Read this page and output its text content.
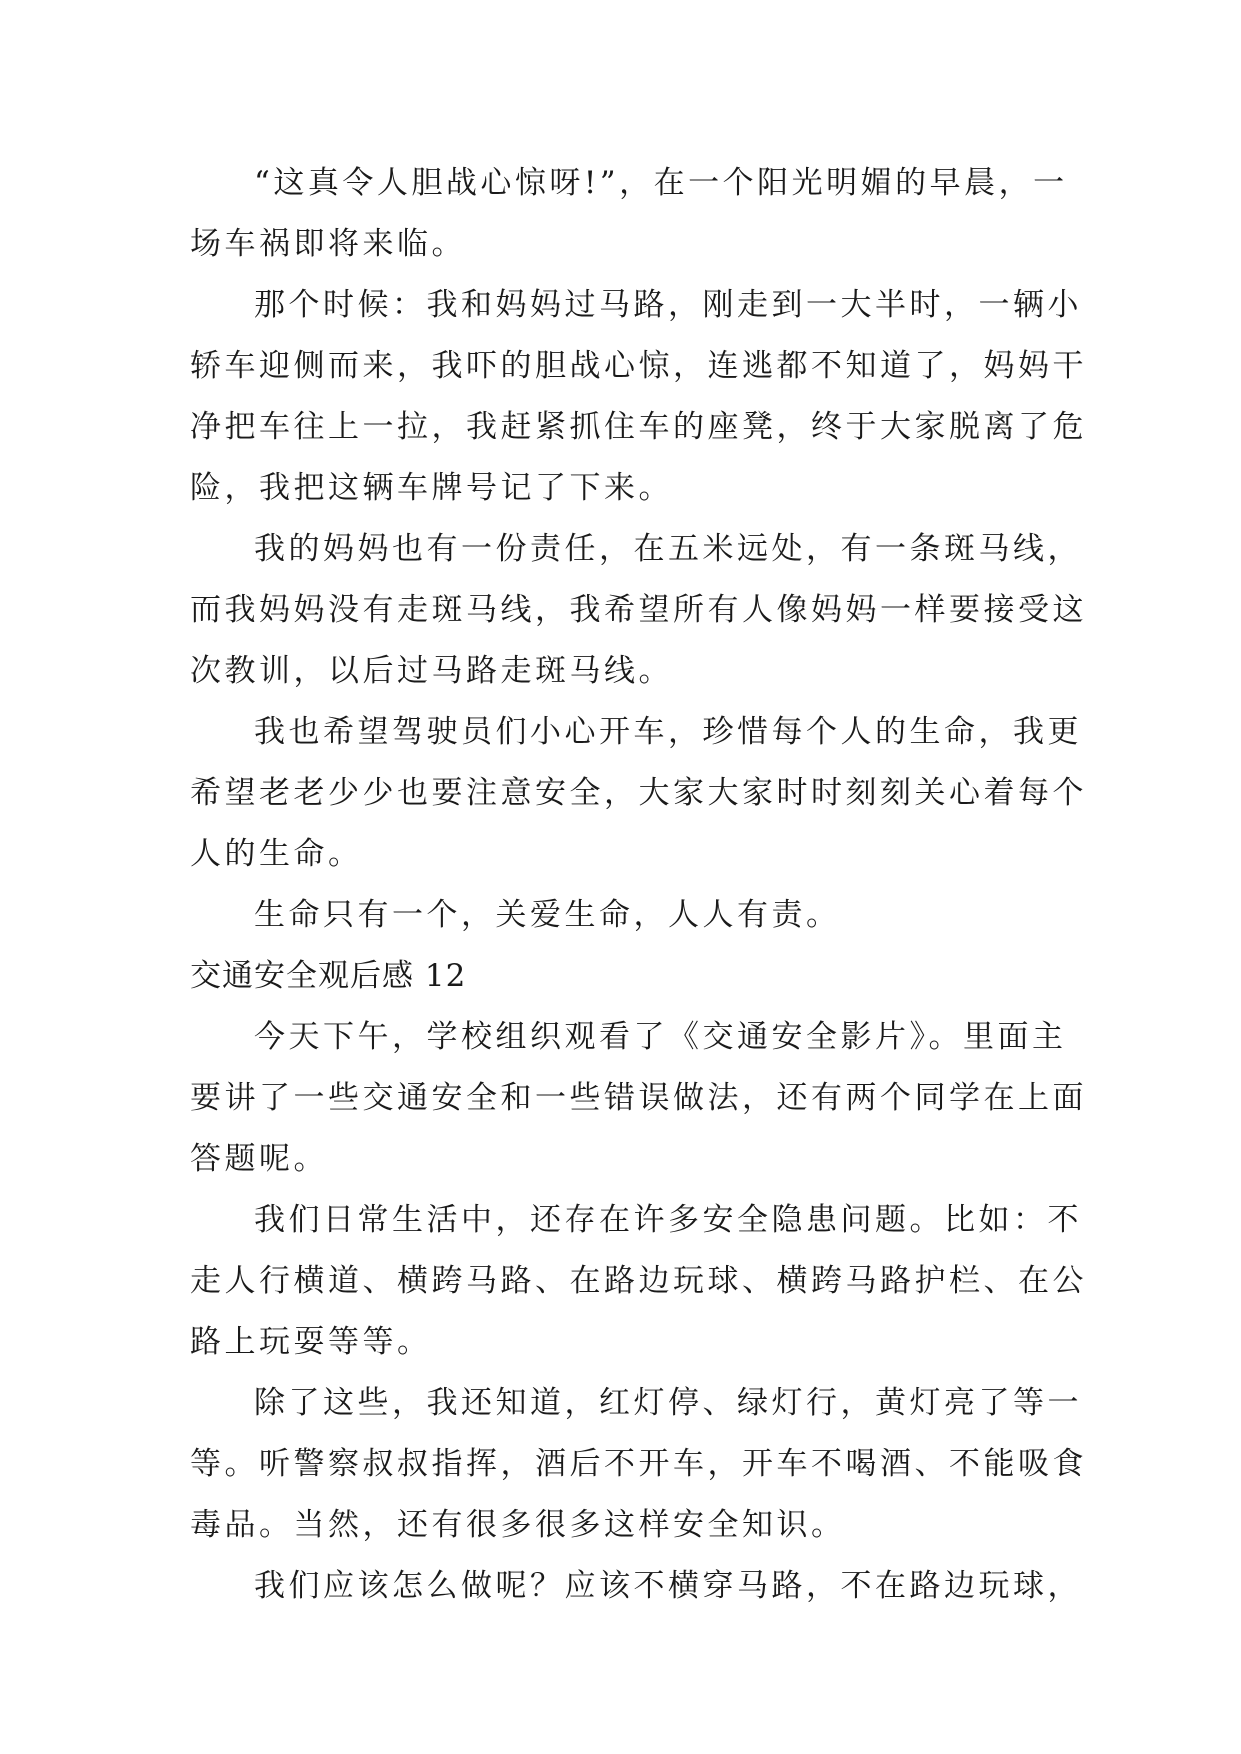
“这真令人胆战心惊呀!”，在一个阳光明媚的早晨，一
场车祸即将来临。
那个时候：我和妈妈过马路，刚走到一大半时，一辆小
轿车迎侧而来，我吓的胆战心惊，连逃都不知道了，妈妈干
净把车往上一拉，我赶紧抓住车的座凳，终于大家脱离了危
险，我把这辆车牌号记了下来。
我的妈妈也有一份责任，在五米远处，有一条斑马线，
而我妈妈没有走斑马线，我希望所有人像妈妈一样要接受这
次教训，以后过马路走斑马线。
我也希望驾驶员们小心开车，珍惜每个人的生命，我更
希望老老少少也要注意安全，大家大家时时刻刻关心着每个
人的生命。
生命只有一个，关爱生命，人人有责。
交通安全观后感 12
今天下午，学校组织观看了《交通安全影片》。里面主
要讲了一些交通安全和一些错误做法，还有两个同学在上面
答题呢。
我们日常生活中，还存在许多安全隐患问题。比如：不
走人行横道、横跨马路、在路边玩球、横跨马路护栏、在公
路上玩耍等等。
除了这些，我还知道，红灯停、绿灯行，黄灯亮了等一
等。听警察叔叔指挥，酒后不开车，开车不喝酒、不能吸食
毒品。当然，还有很多很多这样安全知识。
我们应该怎么做呢？应该不横穿马路，不在路边玩球，
